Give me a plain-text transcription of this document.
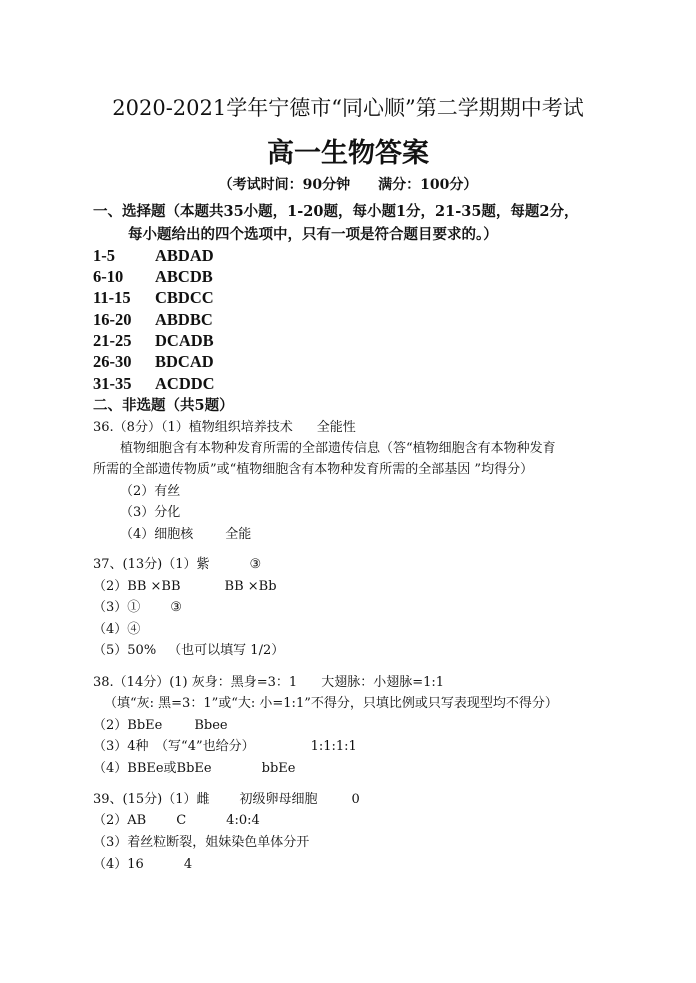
2020-2021学年宁德市“同心顺”第二学期期中考试
高一生物答案
（考试时间：90分钟　　满分：100分）
一、选择题（本题共35小题，1-20题，每小题1分，21-35题，每题2分，
每小题给出的四个选项中，只有一项是符合题目要求的。）
1-5 ABDAD
6-10 ABCDB
11-15 CBDCC
16-20 ABDBC
21-25 DCADB
26-30 BDCAD
31-35 ACDDC
二、非选题（共5题）
36.（8分）（1）植物组织培养技术 全能性
植物细胞含有本物种发育所需的全部遗传信息（答“植物细胞含有本物种发育
所需的全部遗传物质”或“植物细胞含有本物种发育所需的全部基因 ”均得分）
（2）有丝
（3）分化
（4）细胞核 全能
37、(13分)（1）紫	③
（2）BB ×BB	BB ×Bb
（3）① ③
（4）④
（5）50% （也可以填写 1/2）
38.（14分）(1) 灰身：黑身=3：1 大翅脉：小翅脉=1:1
（填“灰: 黑=3：1”或“大: 小=1:1”不得分，只填比例或只写表现型均不得分）
（2）BbEe Bbee
（3）4种　（写“4”也给分）	1:1:1:1
（4）BBEe或BbEe	bbEe
39、(15分)（1）雌 初级卵母细胞	0
（2）AB C	4:0:4
（3）着丝粒断裂，姐妹染色单体分开
（4）16	4
